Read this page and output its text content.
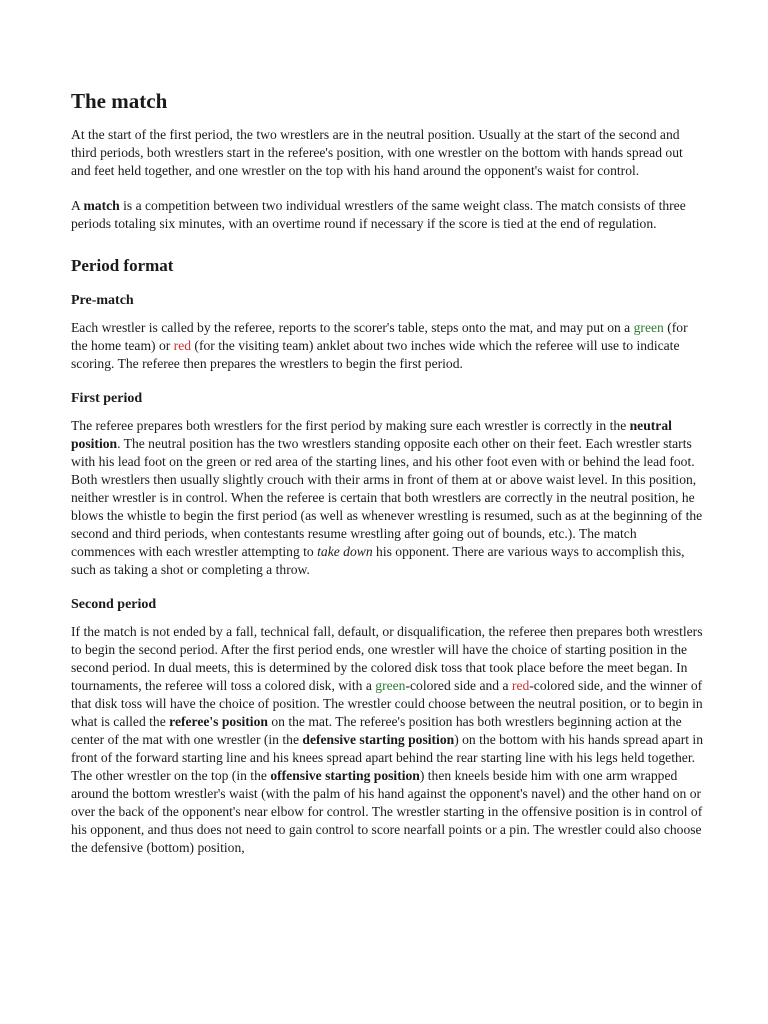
The match

At the start of the first period, the two wrestlers are in the neutral position. Usually at the start of the second and third periods, both wrestlers start in the referee's position, with one wrestler on the bottom with hands spread out and feet held together, and one wrestler on the top with his hand around the opponent's waist for control.

A match is a competition between two individual wrestlers of the same weight class. The match consists of three periods totaling six minutes, with an overtime round if necessary if the score is tied at the end of regulation.

Period format
Pre-match

Each wrestler is called by the referee, reports to the scorer's table, steps onto the mat, and may put on a green (for the home team) or red (for the visiting team) anklet about two inches wide which the referee will use to indicate scoring. The referee then prepares the wrestlers to begin the first period.

First period

The referee prepares both wrestlers for the first period by making sure each wrestler is correctly in the neutral position. The neutral position has the two wrestlers standing opposite each other on their feet. Each wrestler starts with his lead foot on the green or red area of the starting lines, and his other foot even with or behind the lead foot. Both wrestlers then usually slightly crouch with their arms in front of them at or above waist level. In this position, neither wrestler is in control. When the referee is certain that both wrestlers are correctly in the neutral position, he blows the whistle to begin the first period (as well as whenever wrestling is resumed, such as at the beginning of the second and third periods, when contestants resume wrestling after going out of bounds, etc.). The match commences with each wrestler attempting to take down his opponent. There are various ways to accomplish this, such as taking a shot or completing a throw.

Second period

If the match is not ended by a fall, technical fall, default, or disqualification, the referee then prepares both wrestlers to begin the second period. After the first period ends, one wrestler will have the choice of starting position in the second period. In dual meets, this is determined by the colored disk toss that took place before the meet began. In tournaments, the referee will toss a colored disk, with a green-colored side and a red-colored side, and the winner of that disk toss will have the choice of position. The wrestler could choose between the neutral position, or to begin in what is called the referee's position on the mat. The referee's position has both wrestlers beginning action at the center of the mat with one wrestler (in the defensive starting position) on the bottom with his hands spread apart in front of the forward starting line and his knees spread apart behind the rear starting line with his legs held together. The other wrestler on the top (in the offensive starting position) then kneels beside him with one arm wrapped around the bottom wrestler's waist (with the palm of his hand against the opponent's navel) and the other hand on or over the back of the opponent's near elbow for control. The wrestler starting in the offensive position is in control of his opponent, and thus does not need to gain control to score nearfall points or a pin. The wrestler could also choose the defensive (bottom) position,
